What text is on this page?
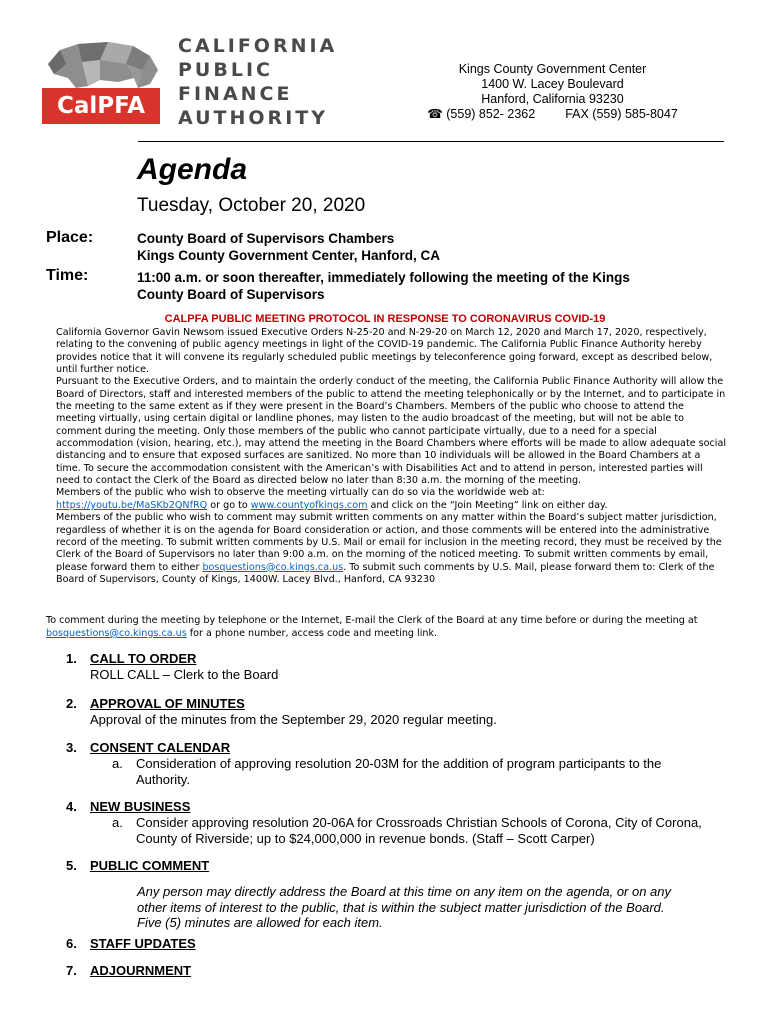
CalPFA
CALIFORNIA
PUBLIC
FINANCE
AUTHORITY
Kings County Government Center
1400 W. Lacey Boulevard
Hanford, California 93230
☎ (559) 852- 2362 FAX (559) 585-8047
Agenda
Tuesday, October 20, 2020
Place:	County Board of Supervisors Chambers
Kings County Government Center, Hanford, CA
Time:	11:00 a.m. or soon thereafter, immediately following the meeting of the Kings
County Board of Supervisors
CALPFA PUBLIC MEETING PROTOCOL IN RESPONSE TO CORONAVIRUS COVID-19

California Governor Gavin Newsom issued Executive Orders N-25-20 and N-29-20 on March 12, 2020 and March 17, 2020, respectively, relating to the convening of public agency meetings in light of the COVID-19 pandemic. The California Public Finance Authority hereby provides notice that it will convene its regularly scheduled public meetings by teleconference going forward, except as described below, until further notice.

Pursuant to the Executive Orders, and to maintain the orderly conduct of the meeting, the California Public Finance Authority will allow the Board of Directors, staff and interested members of the public to attend the meeting telephonically or by the Internet, and to participate in the meeting to the same extent as if they were present in the Board’s Chambers. Members of the public who choose to attend the meeting virtually, using certain digital or landline phones, may listen to the audio broadcast of the meeting, but will not be able to comment during the meeting. Only those members of the public who cannot participate virtually, due to a need for a special accommodation (vision, hearing, etc.), may attend the meeting in the Board Chambers where efforts will be made to allow adequate social distancing and to ensure that exposed surfaces are sanitized. No more than 10 individuals will be allowed in the Board Chambers at a time. To secure the accommodation consistent with the American’s with Disabilities Act and to attend in person, interested parties will need to contact the Clerk of the Board as directed below no later than 8:30 a.m. the morning of the meeting.

Members of the public who wish to observe the meeting virtually can do so via the worldwide web at:
https://youtu.be/MaSKb2QNfRQ or go to www.countyofkings.com and click on the “Join Meeting” link on either day.

Members of the public who wish to comment may submit written comments on any matter within the Board’s subject matter jurisdiction, regardless of whether it is on the agenda for Board consideration or action, and those comments will be entered into the administrative record of the meeting. To submit written comments by U.S. Mail or email for inclusion in the meeting record, they must be received by the Clerk of the Board of Supervisors no later than 9:00 a.m. on the morning of the noticed meeting. To submit written comments by email, please forward them to either bosquestions@co.kings.ca.us. To submit such comments by U.S. Mail, please forward them to: Clerk of the Board of Supervisors, County of Kings, 1400W. Lacey Blvd., Hanford, CA 93230

To comment during the meeting by telephone or the Internet, E-mail the Clerk of the Board at any time before or during the meeting at bosquestions@co.kings.ca.us for a phone number, access code and meeting link.
1. CALL TO ORDER
ROLL CALL – Clerk to the Board
2. APPROVAL OF MINUTES
Approval of the minutes from the September 29, 2020 regular meeting.
3. CONSENT CALENDAR
a. Consideration of approving resolution 20-03M for the addition of program participants to the Authority.
4. NEW BUSINESS
a. Consider approving resolution 20-06A for Crossroads Christian Schools of Corona, City of Corona, County of Riverside; up to $24,000,000 in revenue bonds. (Staff – Scott Carper)
5. PUBLIC COMMENT
Any person may directly address the Board at this time on any item on the agenda, or on any other items of interest to the public, that is within the subject matter jurisdiction of the Board. Five (5) minutes are allowed for each item.
6. STAFF UPDATES
7. ADJOURNMENT
